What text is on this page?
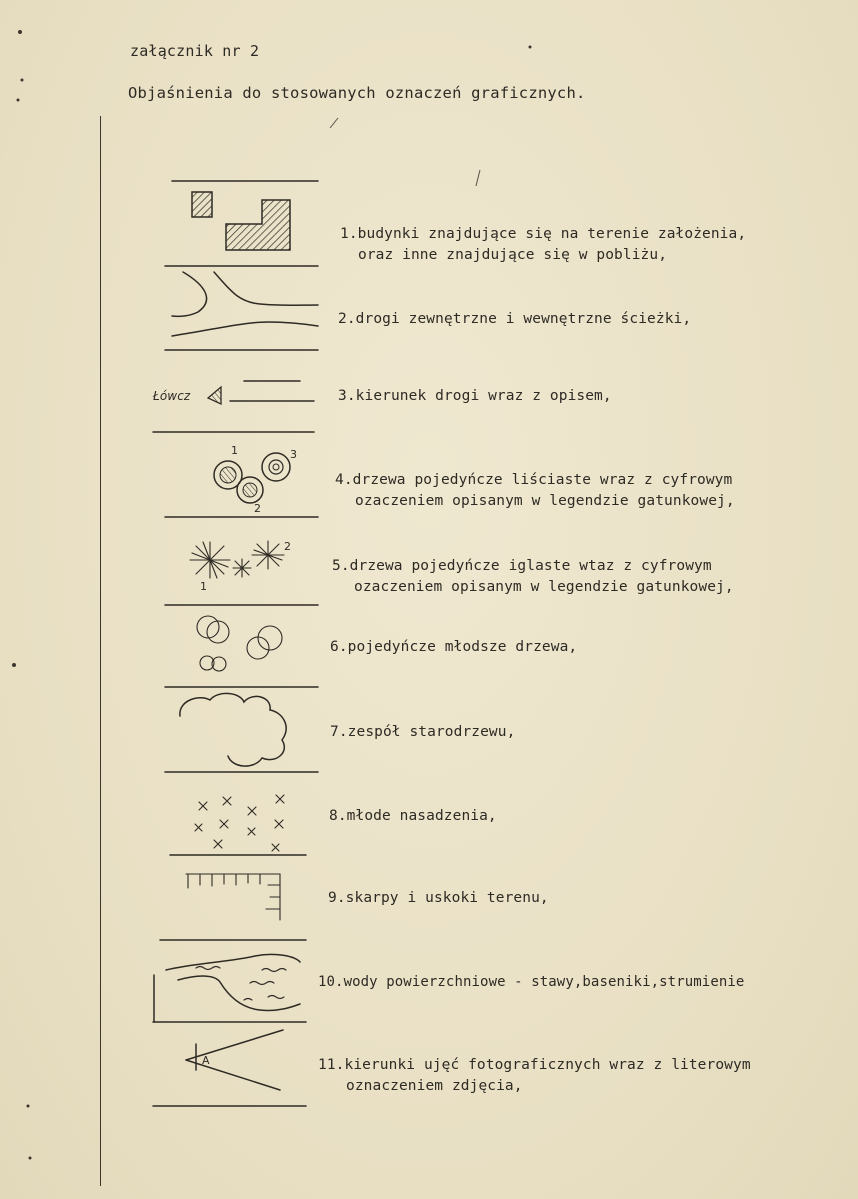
załącznik nr 2
Objaśnienia do stosowanych oznaczeń graficznych.
Łówcz
1	3
2
2
1
A
1.budynki znajdujące się na terenie założenia,
oraz inne znajdujące się w pobliżu,
2.drogi zewnętrzne i wewnętrzne ścieżki,
3.kierunek drogi wraz z opisem,
4.drzewa pojedyńcze liściaste wraz z cyfrowym
ozaczeniem opisanym w legendzie gatunkowej,
5.drzewa pojedyńcze iglaste wtaz z cyfrowym
ozaczeniem opisanym w legendzie gatunkowej,
6.pojedyńcze młodsze drzewa,
7.zespół starodrzewu,
8.młode nasadzenia,
9.skarpy i uskoki terenu,
10.wody powierzchniowe - stawy,baseniki,strumienie
11.kierunki ujęć fotograficznych wraz z literowym
oznaczeniem zdjęcia,
